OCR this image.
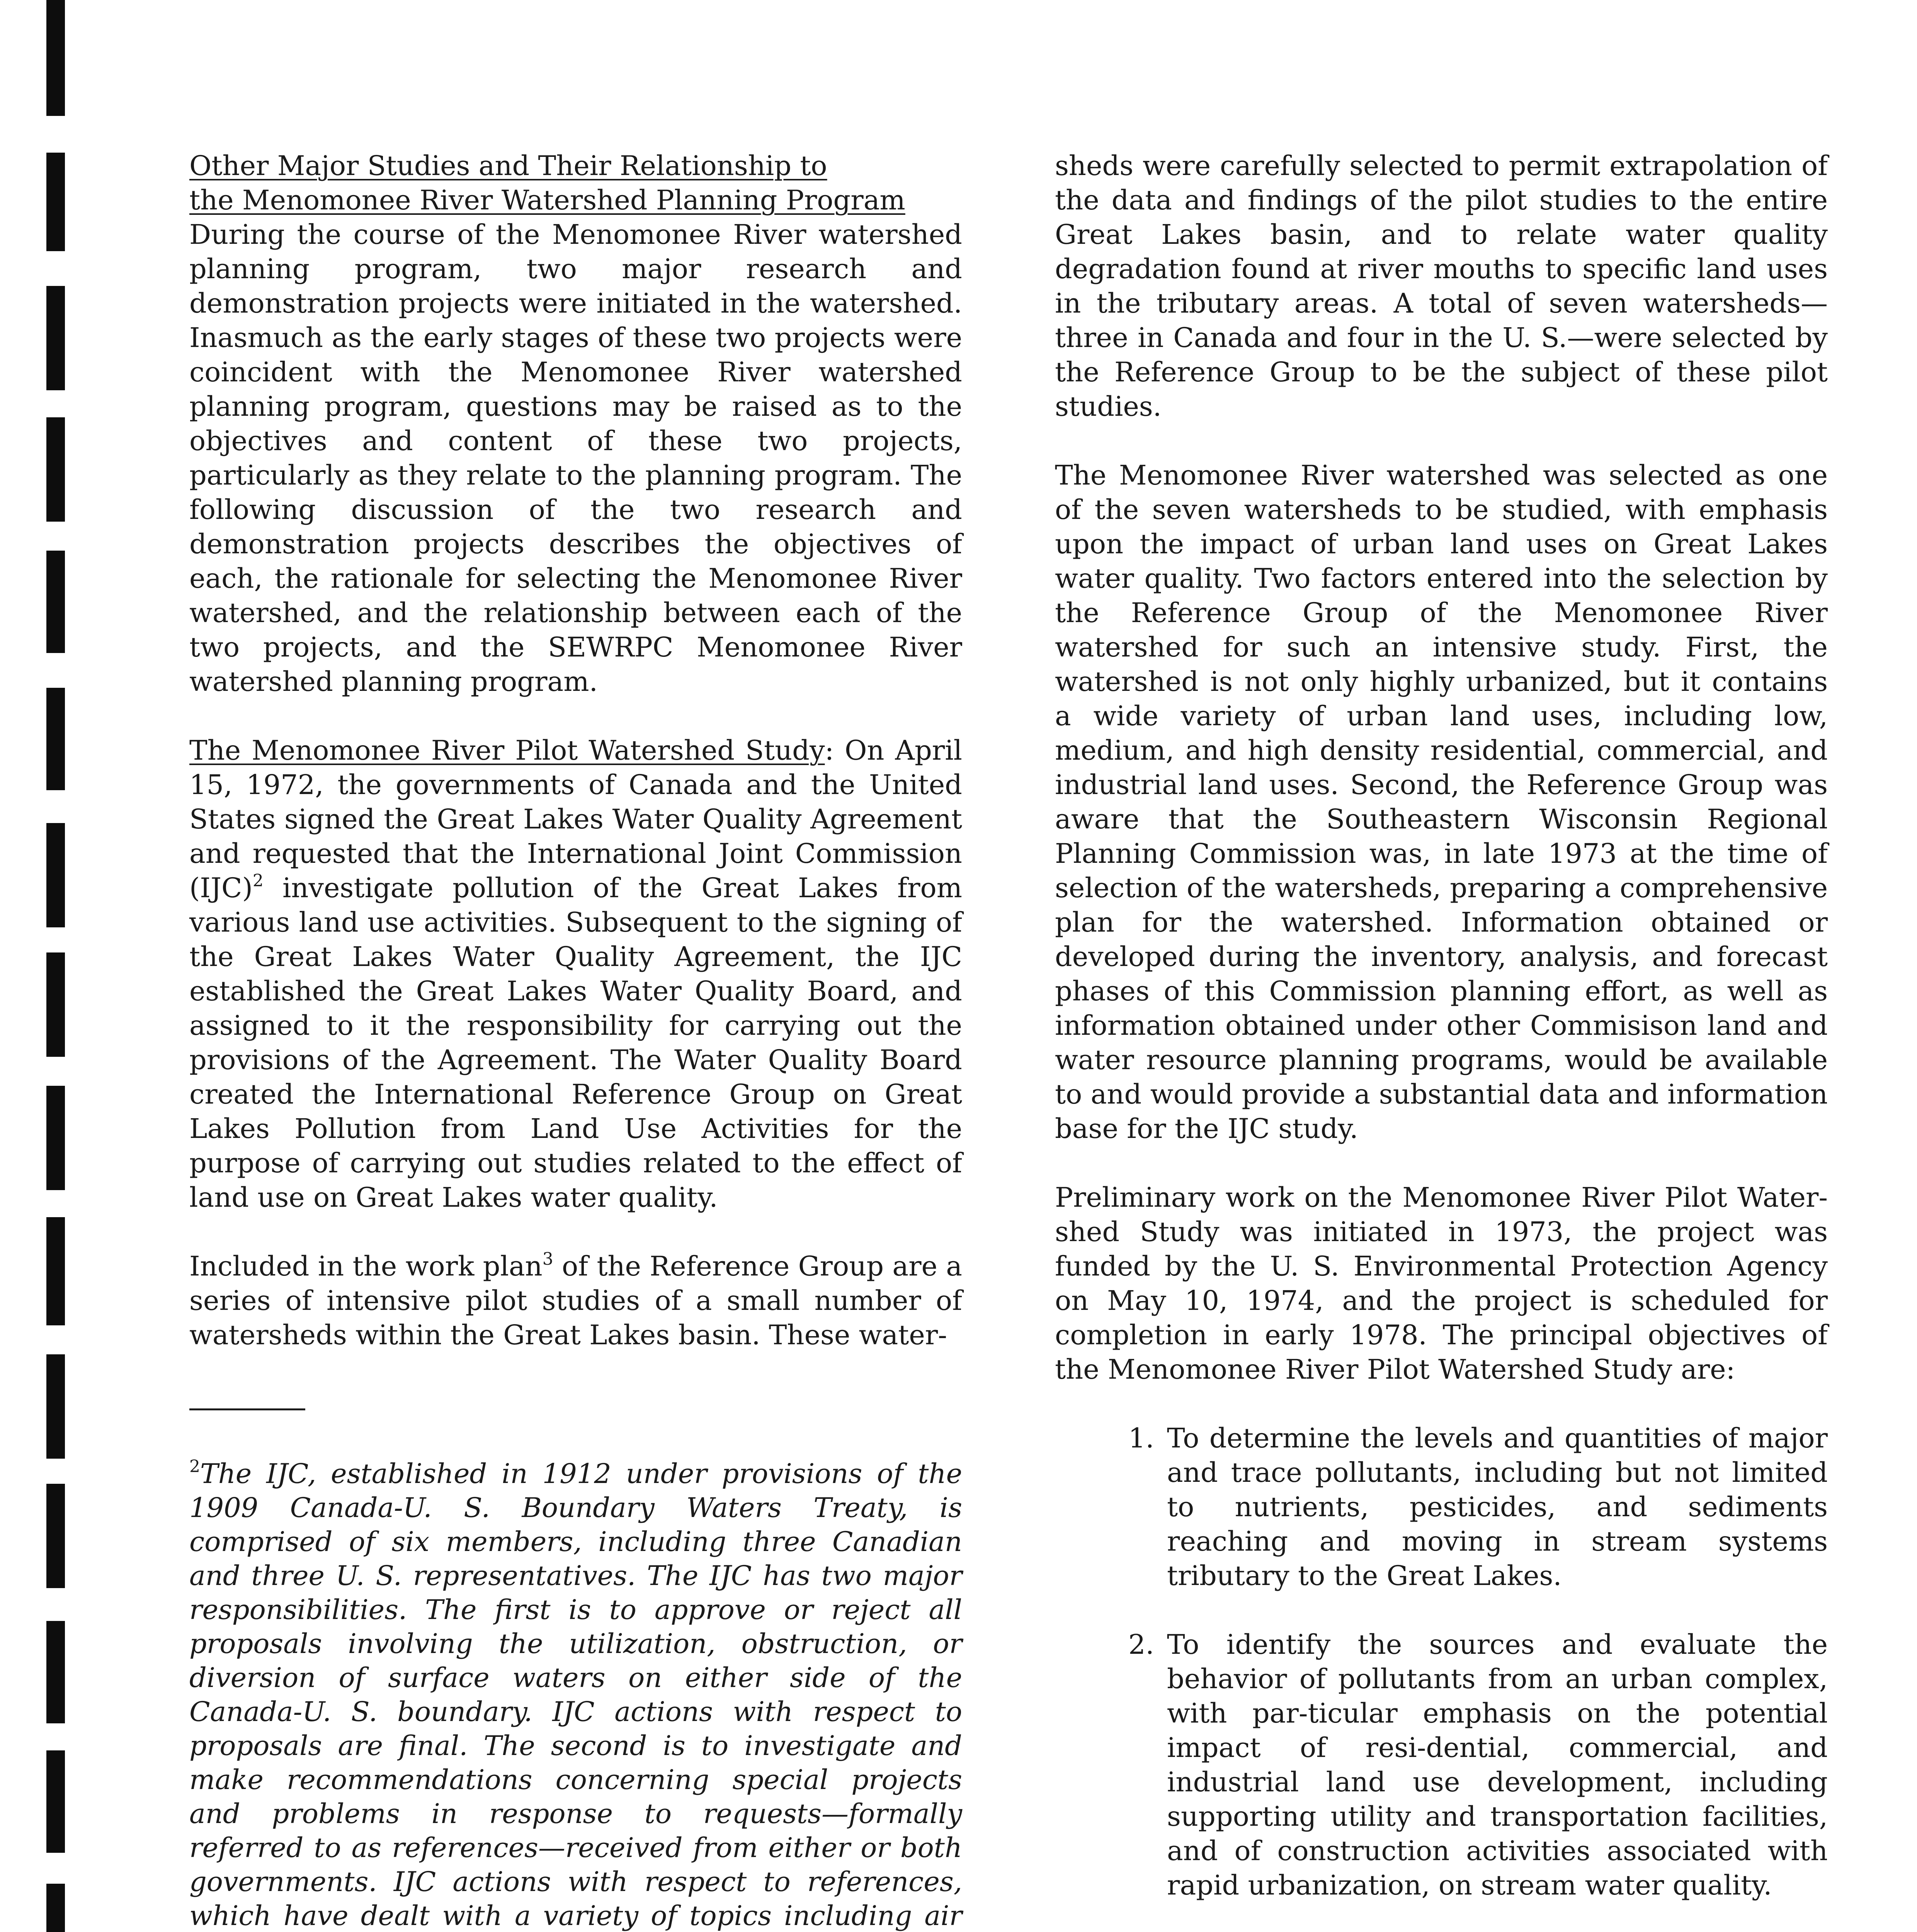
Other Major Studies and Their Relationship to
the Menomonee River Watershed Planning Program

During the course of the Menomonee River watershed planning program, two major research and demonstration projects were initiated in the watershed. Inasmuch as the early stages of these two projects were coincident with the Menomonee River watershed planning program, questions may be raised as to the objectives and content of these two projects, particularly as they relate to the planning program. The following discussion of the two research and demonstration projects describes the objectives of each, the rationale for selecting the Menomonee River watershed, and the relationship between each of the two projects, and the SEWRPC Menomonee River watershed planning program.

The Menomonee River Pilot Watershed Study: On April 15, 1972, the governments of Canada and the United States signed the Great Lakes Water Quality Agreement and requested that the International Joint Commission (IJC)$^2$ investigate pollution of the Great Lakes from various land use activities. Subsequent to the signing of the Great Lakes Water Quality Agreement, the IJC established the Great Lakes Water Quality Board, and assigned to it the responsibility for carrying out the provisions of the Agreement. The Water Quality Board created the International Reference Group on Great Lakes Pollution from Land Use Activities for the purpose of carrying out studies related to the effect of land use on Great Lakes water quality.

Included in the work plan$^3$ of the Reference Group are a series of intensive pilot studies of a small number of watersheds within the Great Lakes basin. These water-

$^2$The IJC, established in 1912 under provisions of the 1909 Canada-U. S. Boundary Waters Treaty, is comprised of six members, including three Canadian and three U. S. representatives. The IJC has two major responsibilities. The first is to approve or reject all proposals involving the utilization, obstruction, or diversion of surface waters on either side of the Canada-U. S. boundary. IJC actions with respect to proposals are final. The second is to investigate and make recommendations concerning special projects and problems in response to requests—formally referred to as references—received from either or both governments. IJC actions with respect to references, which have dealt with a variety of topics including air

sheds were carefully selected to permit extrapolation of the data and findings of the pilot studies to the entire Great Lakes basin, and to relate water quality degradation found at river mouths to specific land uses in the tributary areas. A total of seven watersheds—three in Canada and four in the U. S.—were selected by the Reference Group to be the subject of these pilot studies.

The Menomonee River watershed was selected as one of the seven watersheds to be studied, with emphasis upon the impact of urban land uses on Great Lakes water quality. Two factors entered into the selection by the Reference Group of the Menomonee River watershed for such an intensive study. First, the watershed is not only highly urbanized, but it contains a wide variety of urban land uses, including low, medium, and high density residential, commercial, and industrial land uses. Second, the Reference Group was aware that the Southeastern Wisconsin Regional Planning Commission was, in late 1973 at the time of selection of the watersheds, preparing a comprehensive plan for the watershed. Information obtained or developed during the inventory, analysis, and forecast phases of this Commission planning effort, as well as information obtained under other Commisison land and water resource planning programs, would be available to and would provide a substantial data and information base for the IJC study.

Preliminary work on the Menomonee River Pilot Water-shed Study was initiated in 1973, the project was funded by the U. S. Environmental Protection Agency on May 10, 1974, and the project is scheduled for completion in early 1978. The principal objectives of the Menomonee River Pilot Watershed Study are:

1. To determine the levels and quantities of major and trace pollutants, including but not limited to nutrients, pesticides, and sediments reaching and moving in stream systems tributary to the Great Lakes.
2. To identify the sources and evaluate the behavior of pollutants from an urban complex, with par-ticular emphasis on the potential impact of resi-dential, commercial, and industrial land use development, including supporting utility and transportation facilities, and of construction activities associated with rapid urbanization, on stream water quality.
